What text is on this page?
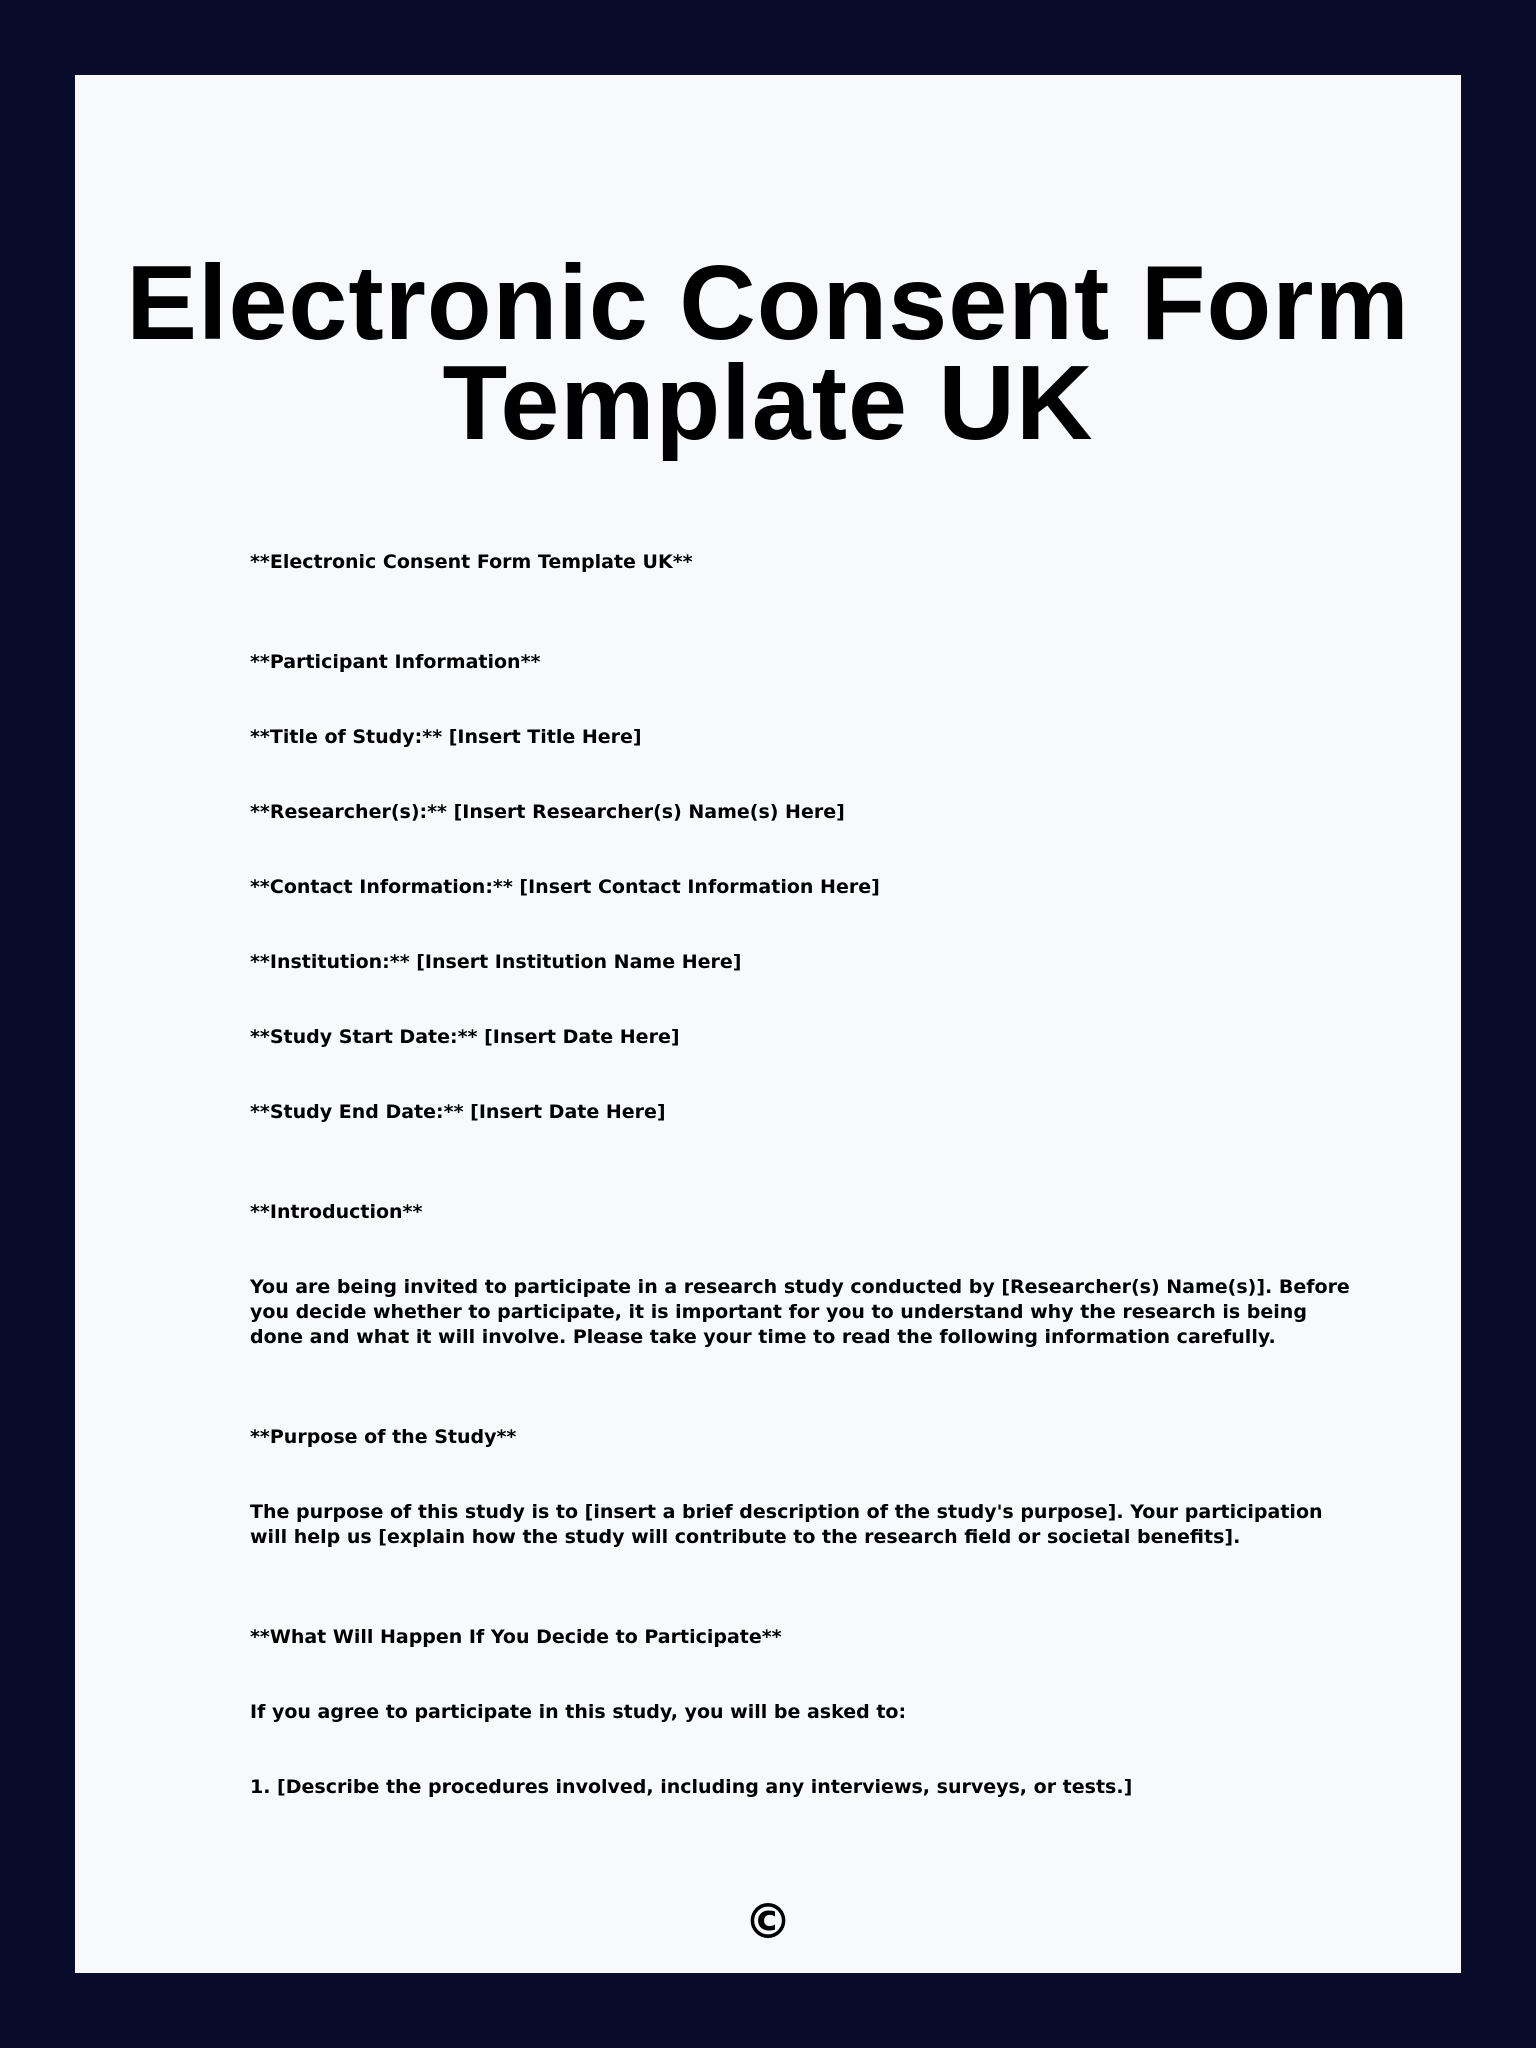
Electronic Consent Form Template UK

**Electronic Consent Form Template UK**

**Participant Information**

**Title of Study:** [Insert Title Here]

**Researcher(s):** [Insert Researcher(s) Name(s) Here]

**Contact Information:** [Insert Contact Information Here]

**Institution:** [Insert Institution Name Here]

**Study Start Date:** [Insert Date Here]

**Study End Date:** [Insert Date Here]

**Introduction**

You are being invited to participate in a research study conducted by [Researcher(s) Name(s)]. Before you decide whether to participate, it is important for you to understand why the research is being done and what it will involve. Please take your time to read the following information carefully.

**Purpose of the Study**

The purpose of this study is to [insert a brief description of the study's purpose]. Your participation will help us [explain how the study will contribute to the research field or societal benefits].

**What Will Happen If You Decide to Participate**

If you agree to participate in this study, you will be asked to:

1. [Describe the procedures involved, including any interviews, surveys, or tests.]

©
